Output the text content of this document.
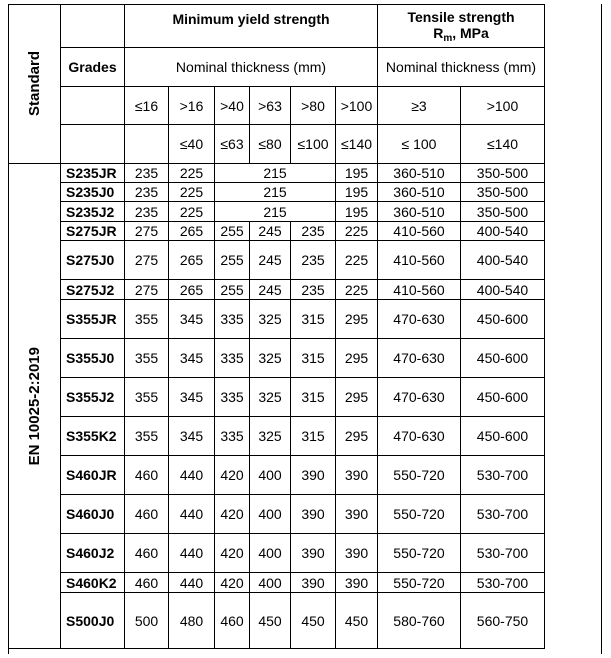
Standard		Minimum yield strength						Tensile strength
$R_m$, MPa	

	Grades	Nominal thickness (mm)						Nominal thickness (mm)	
		≤16	>16	>40	>63	>80	>100	≥3	>100
			≤40	≤63	≤80	≤100	≤140	≤ 100	≤140

EN 10025-2:2019	S235JR	235	225	215			195	360-510	350-500
	S235J0	235	225	215			195	360-510	350-500
	S235J2	235	225	215			195	360-510	350-500
	S275JR	275	265	255	245	235	225	410-560	400-540
	S275J0	275	265	255	245	235	225	410-560	400-540
	S275J2	275	265	255	245	235	225	410-560	400-540
	S355JR	355	345	335	325	315	295	470-630	450-600
	S355J0	355	345	335	325	315	295	470-630	450-600
	S355J2	355	345	335	325	315	295	470-630	450-600
	S355K2	355	345	335	325	315	295	470-630	450-600
	S460JR	460	440	420	400	390	390	550-720	530-700
	S460J0	460	440	420	400	390	390	550-720	530-700
	S460J2	460	440	420	400	390	390	550-720	530-700
	S460K2	460	440	420	400	390	390	550-720	530-700
	S500J0	500	480	460	450	450	450	580-760	560-750
